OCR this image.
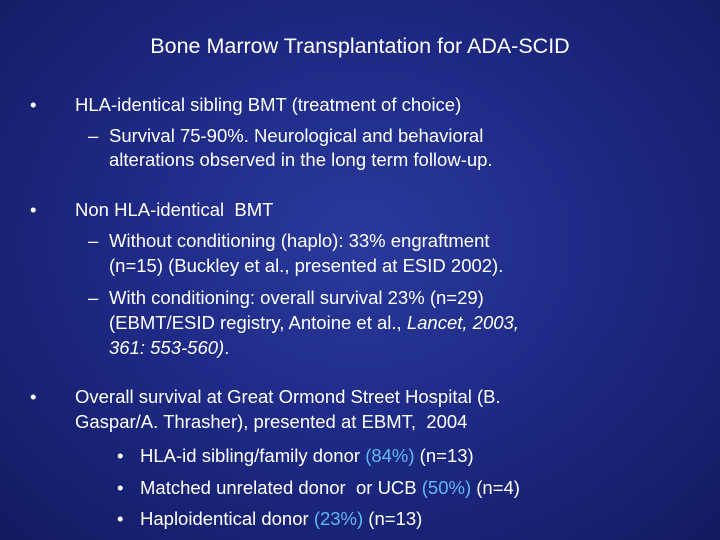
Bone Marrow Transplantation for ADA-SCID
• HLA-identical sibling BMT (treatment of choice)
– Survival 75-90%. Neurological and behavioral
alterations observed in the long term follow-up.
• Non HLA-identical  BMT
– Without conditioning (haplo): 33% engraftment
(n=15) (Buckley et al., presented at ESID 2002).
– With conditioning: overall survival 23% (n=29)
(EBMT/ESID registry, Antoine et al., Lancet, 2003,
361: 553-560).
• Overall survival at Great Ormond Street Hospital (B.
Gaspar/A. Thrasher), presented at EBMT,  2004
• HLA-id sibling/family donor (84%) (n=13)
• Matched unrelated donor  or UCB (50%) (n=4)
• Haploidentical donor (23%) (n=13)
